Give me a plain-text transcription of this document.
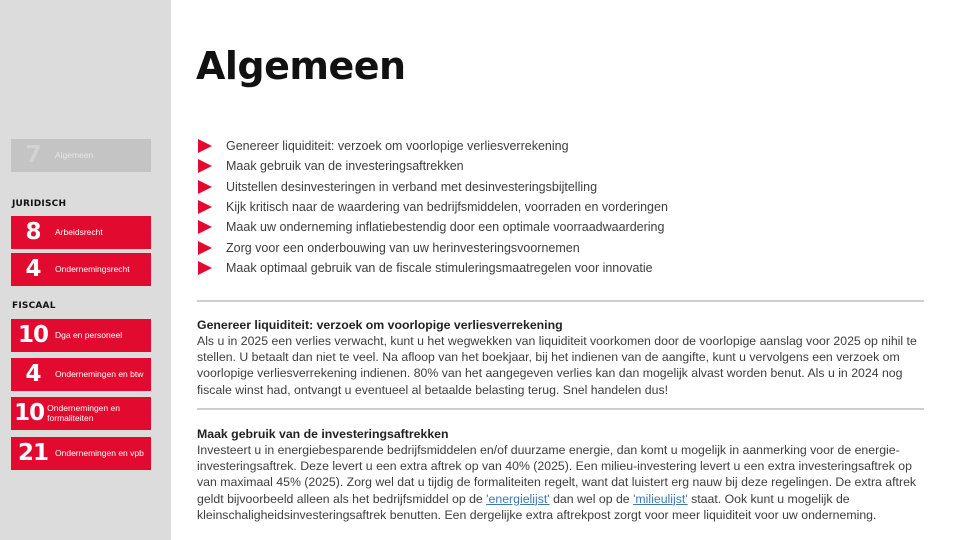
7	Algemeen
JURIDISCH
8	Arbeidsrecht
4	Ondernemingsrecht
FISCAAL
10 Dga en personeel
4	Ondernemingen en btw
10 Ondernemingen en formaliteiten
21 Ondernemingen en vpb
Algemeen
Genereer liquiditeit: verzoek om voorlopige verliesverrekening
Maak gebruik van de investeringsaftrekken
Uitstellen desinvesteringen in verband met desinvesteringsbijtelling
Kijk kritisch naar de waardering van bedrijfsmiddelen, voorraden en vorderingen
Maak uw onderneming inflatiebestendig door een optimale voorraadwaardering
Zorg voor een onderbouwing van uw herinvesteringsvoornemen
Maak optimaal gebruik van de fiscale stimuleringsmaatregelen voor innovatie
Genereer liquiditeit: verzoek om voorlopige verliesverrekening

Als u in 2025 een verlies verwacht, kunt u het wegwekken van liquiditeit voorkomen door de voorlopige aanslag voor 2025 op nihil te stellen. U betaalt dan niet te veel. Na afloop van het boekjaar, bij het indienen van de aangifte, kunt u vervolgens een verzoek om voorlopige verliesverrekening indienen. 80% van het aangegeven verlies kan dan mogelijk alvast worden benut. Als u in 2024 nog fiscale winst had, ontvangt u eventueel al betaalde belasting terug. Snel handelen dus!

Maak gebruik van de investeringsaftrekken

Investeert u in energiebesparende bedrijfsmiddelen en/of duurzame energie, dan komt u mogelijk in aanmerking voor de energie-investeringsaftrek. Deze levert u een extra aftrek op van 40% (2025). Een milieu-investering levert u een extra investeringsaftrek op van maximaal 45% (2025). Zorg wel dat u tijdig de formaliteiten regelt, want dat luistert erg nauw bij deze regelingen. De extra aftrek geldt bijvoorbeeld alleen als het bedrijfsmiddel op de 'energielijst' dan wel op de 'milieulijst' staat. Ook kunt u mogelijk de kleinschaligheidsinvesteringsaftrek benutten. Een dergelijke extra aftrekpost zorgt voor meer liquiditeit voor uw onderneming.
